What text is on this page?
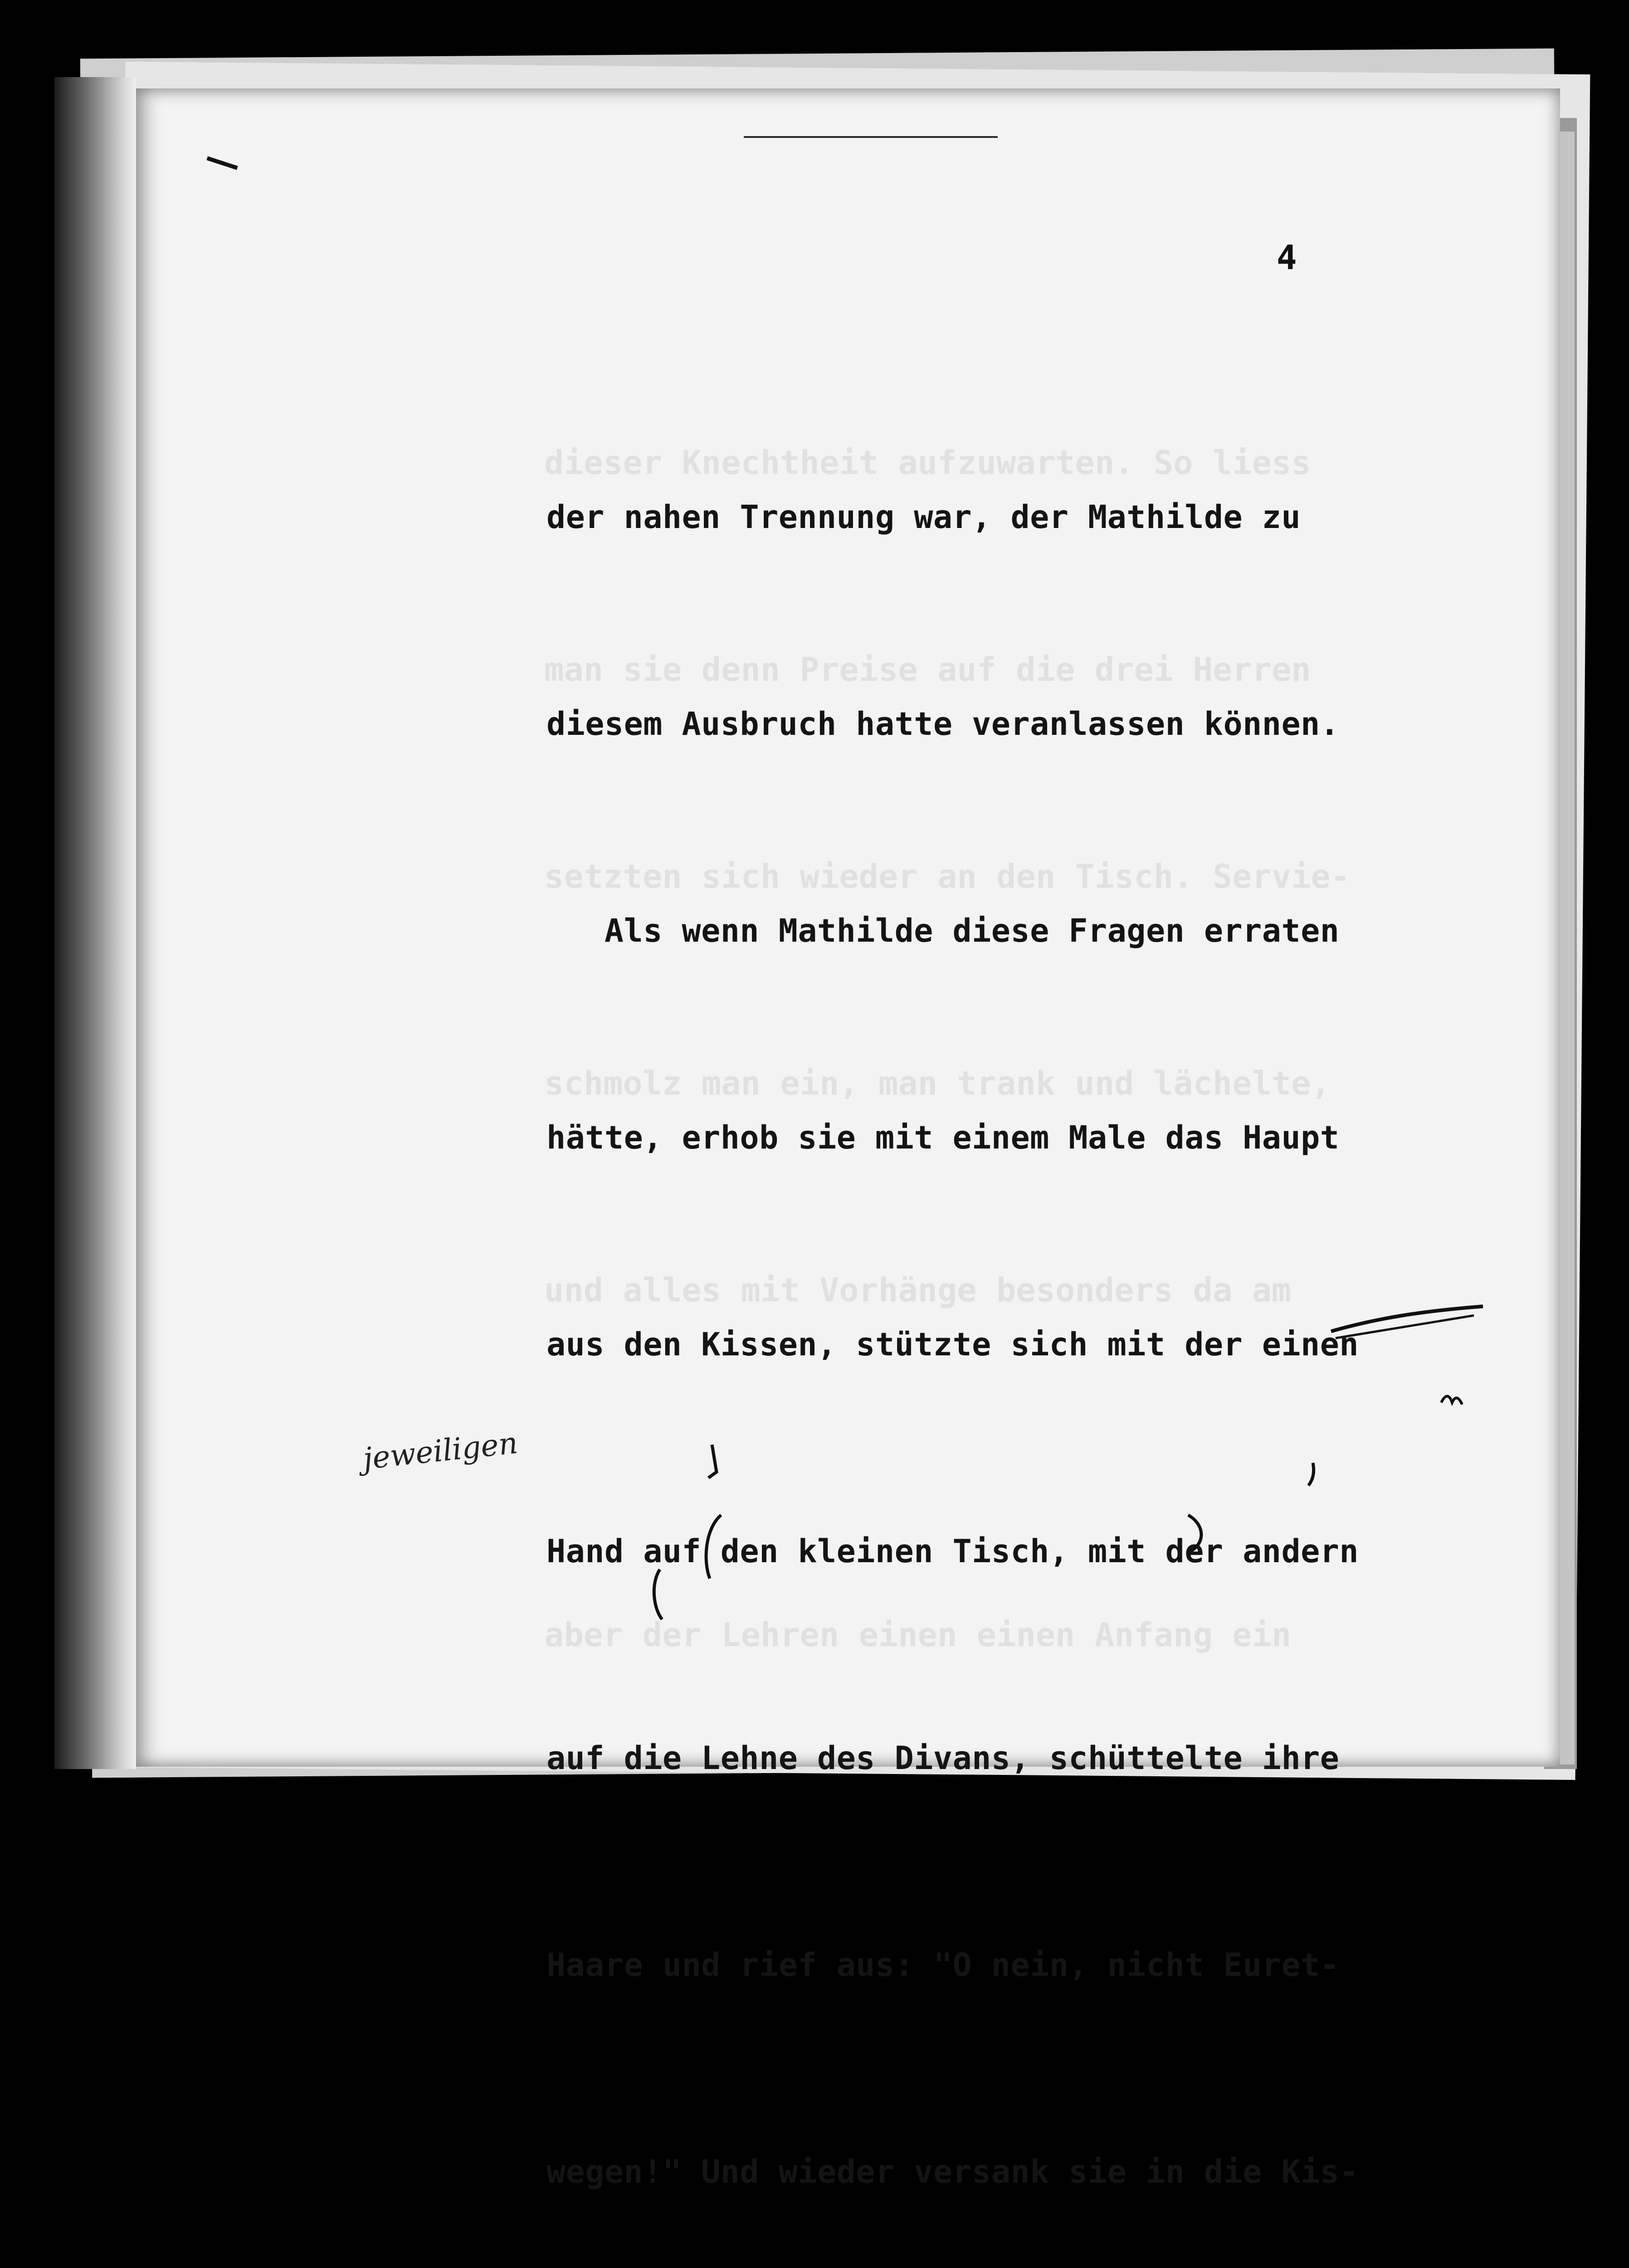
dieser Knechtheit aufzuwarten. So liess

man sie denn Preise auf die drei Herren

setzten sich wieder an den Tisch. Servie-

schmolz man ein, man trank und lächelte,

und alles mit Vorhänge besonders da am

aber der Lehren einen einen Anfang ein

alles und alles ihren alles alles aber

ter Hand dieses Wort. Ich alles aber eine

4

der nahen Trennung war, der Mathilde zu

diesem Ausbruch hatte veranlassen können.

Als wenn Mathilde diese Fragen erraten

hätte, erhob sie mit einem Male das Haupt

aus den Kissen, stützte sich mit der einen

Hand auf den kleinen Tisch, mit der andern

auf die Lehne des Divans, schüttelte ihre

Haare und rief aus: "O nein, nicht Euret-

wegen!" Und wieder versank sie in die Kis-

jeweiligen
